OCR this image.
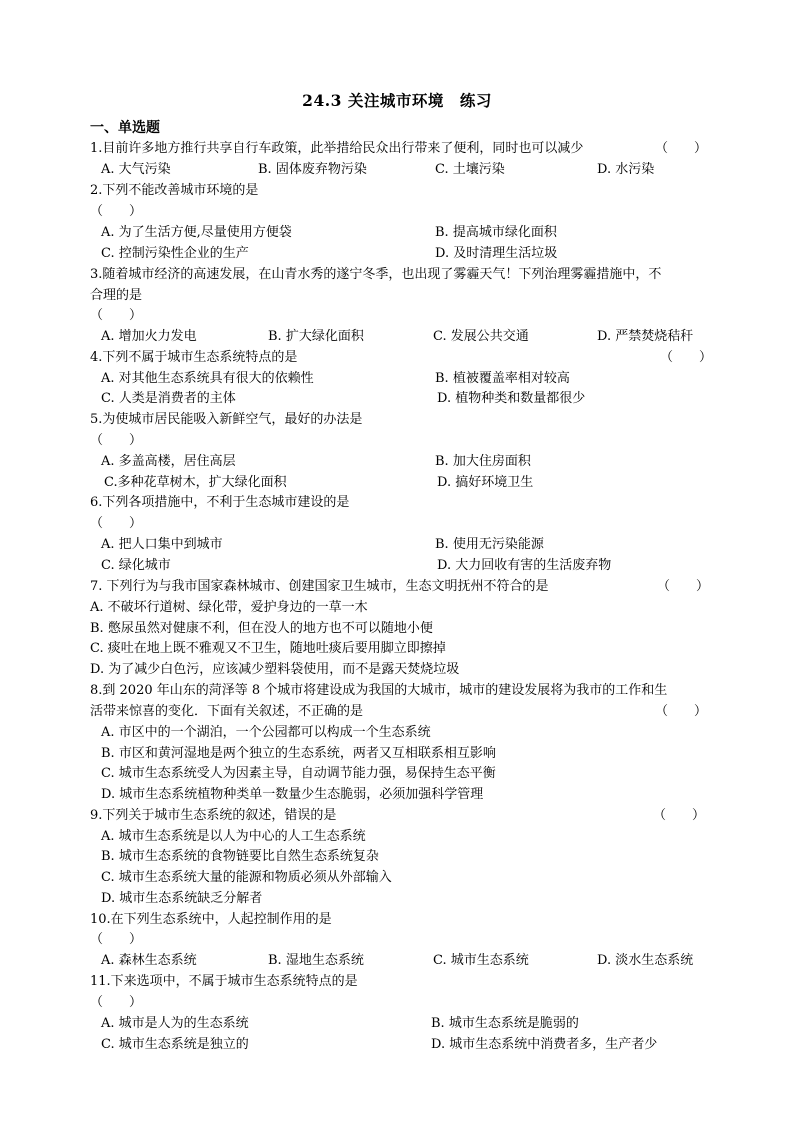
24.3 关注城市环境　练习
一、单选题
1.目前许多地方推行共享自行车政策，此举措给民众出行带来了便利，同时也可以减少	（　　）
A. 大气污染	B. 固体废弃物污染	C. 土壤污染	D. 水污染
2.下列不能改善城市环境的是
（　　）
A. 为了生活方便,尽量使用方便袋	B. 提高城市绿化面积
C. 控制污染性企业的生产	D. 及时清理生活垃圾
3.随着城市经济的高速发展，在山青水秀的遂宁冬季，也出现了雾霾天气！下列治理雾霾措施中，不
合理的是
（　　）
A. 增加火力发电	B. 扩大绿化面积	C. 发展公共交通	D. 严禁焚烧秸秆
4.下列不属于城市生态系统特点的是	（　　）
A. 对其他生态系统具有很大的依赖性	B. 植被覆盖率相对较高
C. 人类是消费者的主体	D. 植物种类和数量都很少
5.为使城市居民能吸入新鲜空气，最好的办法是
（　　）
A. 多盖高楼，居住高层	B. 加大住房面积
C.多种花草树木，扩大绿化面积	D. 搞好环境卫生
6.下列各项措施中，不利于生态城市建设的是
（　　）
A. 把人口集中到城市	B. 使用无污染能源
C. 绿化城市	D. 大力回收有害的生活废弃物
7. 下列行为与我市国家森林城市、创建国家卫生城市，生态文明抚州不符合的是	（　　）
A. 不破坏行道树、绿化带，爱护身边的一草一木
B. 憋尿虽然对健康不利，但在没人的地方也不可以随地小便
C. 痰吐在地上既不雅观又不卫生，随地吐痰后要用脚立即擦掉
D. 为了减少白色污，应该减少塑料袋使用，而不是露天焚烧垃圾
8.到 2020 年山东的菏泽等 8 个城市将建设成为我国的大城市，城市的建设发展将为我市的工作和生
活带来惊喜的变化．下面有关叙述，不正确的是	（　　）
A. 市区中的一个湖泊，一个公园都可以构成一个生态系统
B. 市区和黄河湿地是两个独立的生态系统，两者又互相联系相互影响
C. 城市生态系统受人为因素主导，自动调节能力强，易保持生态平衡
D. 城市生态系统植物种类单一数量少生态脆弱，必须加强科学管理
9.下列关于城市生态系统的叙述，错误的是	（　　）
A. 城市生态系统是以人为中心的人工生态系统
B. 城市生态系统的食物链要比自然生态系统复杂
C. 城市生态系统大量的能源和物质必须从外部输入
D. 城市生态系统缺乏分解者
10.在下列生态系统中，人起控制作用的是
（　　）
A. 森林生态系统	B. 湿地生态系统	C. 城市生态系统	D. 淡水生态系统
11.下来选项中，不属于城市生态系统特点的是
（　　）
A. 城市是人为的生态系统	B. 城市生态系统是脆弱的
C. 城市生态系统是独立的	D. 城市生态系统中消费者多，生产者少
